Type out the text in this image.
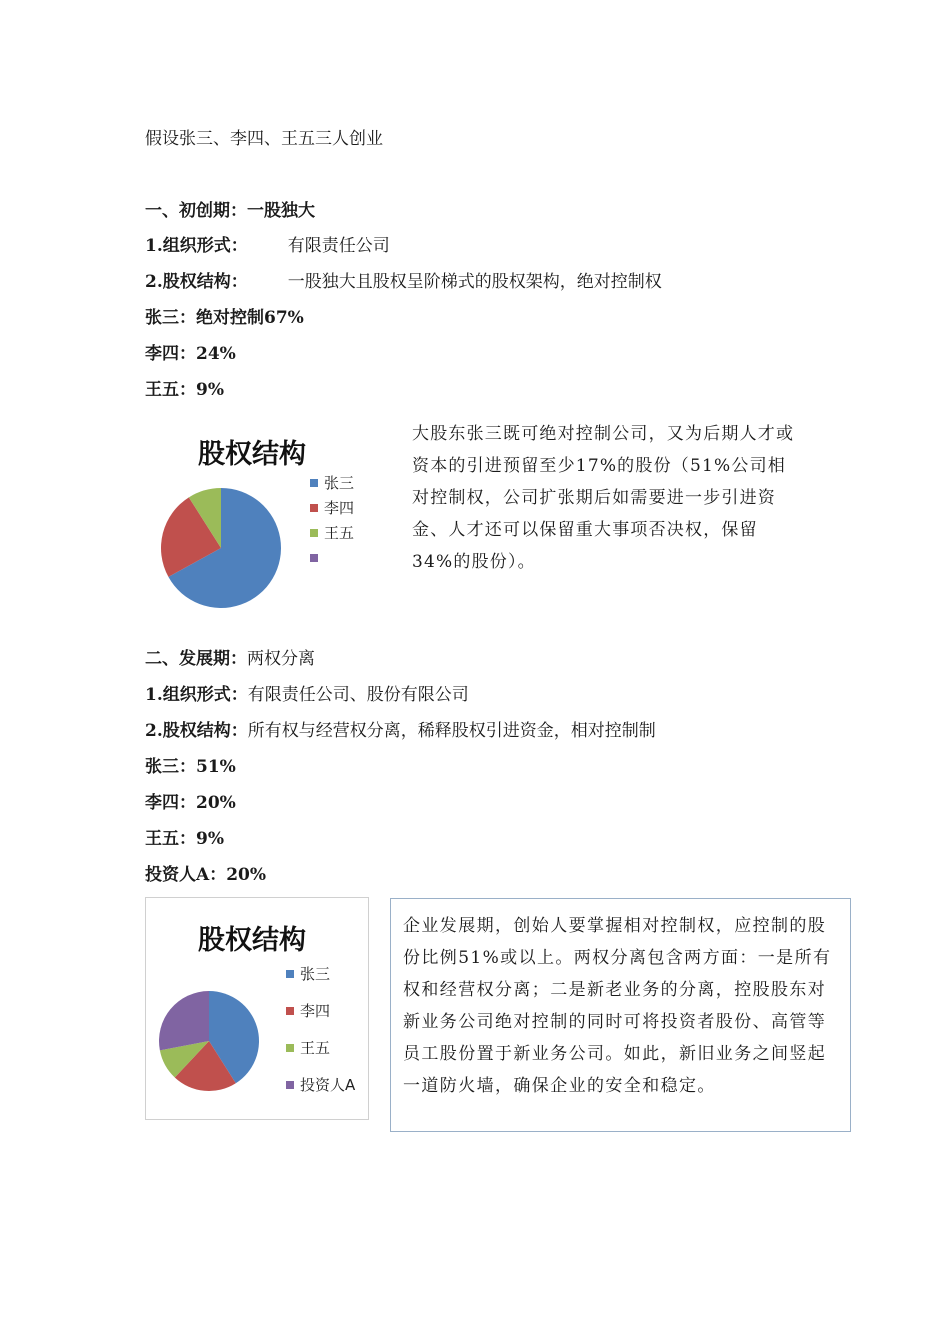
假设张三、李四、王五三人创业
一、初创期：一股独大
1.组织形式： 有限责任公司
2.股权结构： 一股独大且股权呈阶梯式的股权架构，绝对控制权
张三：绝对控制67%
李四：24%
王五：9%
股权结构
张三
李四
王五
大股东张三既可绝对控制公司，又为后期人才或资本的引进预留至少17%的股份（51%公司相对控制权，公司扩张期后如需要进一步引进资金、人才还可以保留重大事项否决权，保留34%的股份）。
二、发展期：两权分离
1.组织形式：有限责任公司、股份有限公司
2.股权结构：所有权与经营权分离，稀释股权引进资金，相对控制制
张三：51%
李四：20%
王五：9%
投资人A：20%
股权结构
张三
李四
王五
投资人A
企业发展期，创始人要掌握相对控制权，应控制的股份比例51%或以上。两权分离包含两方面：一是所有权和经营权分离；二是新老业务的分离，控股股东对新业务公司绝对控制的同时可将投资者股份、高管等员工股份置于新业务公司。如此，新旧业务之间竖起一道防火墙，确保企业的安全和稳定。
